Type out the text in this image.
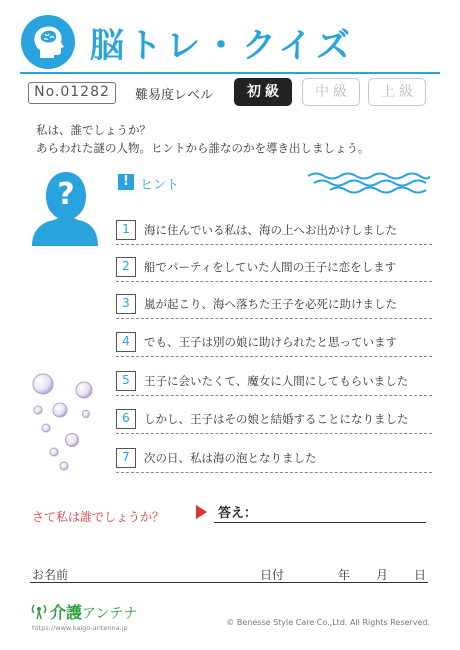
脳トレ・クイズ
No.01282	難易度レベル	初級	中級	上級
私は、誰でしょうか？
あらわれた謎の人物。ヒントから誰なのかを導き出しましょう。
?	! ヒント
1	海に住んでいる私は、海の上へお出かけしました
2	船でパーティをしていた人間の王子に恋をします
3	嵐が起こり、海へ落ちた王子を必死に助けました
4	でも、王子は別の娘に助けられたと思っています
5	王子に会いたくて、魔女に人間にしてもらいました
6	しかし、王子はその娘と結婚することになりました
7	次の日、私は海の泡となりました
さて私は誰でしょうか？	答え：
お名前	日付	年 月 日
介護アンテナ
https://www.kaigo-antenna.jp
© Benesse Style Care Co.,Ltd. All Rights Reserved.
